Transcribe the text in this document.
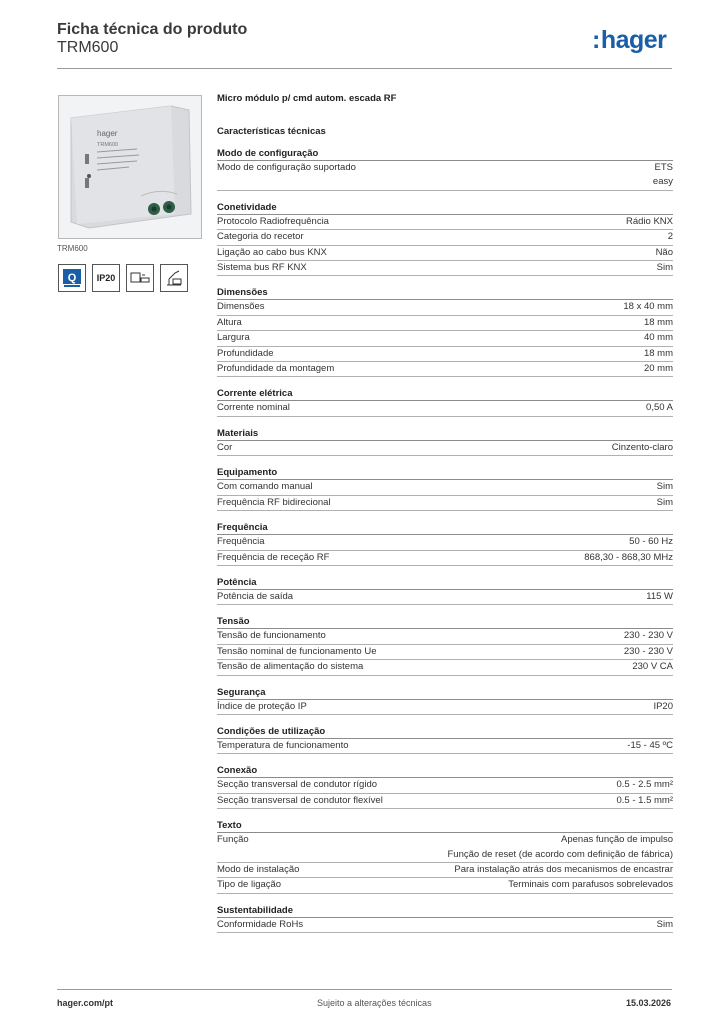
Ficha técnica do produto
TRM600	:hager
hager
TRM600
TRM600
Q	IP20
Micro módulo p/ cmd autom. escada RF
Características técnicas
Modo de configuração
Modo de configuração suportado	ETS
easy
Conetividade
Protocolo Radiofrequência	Rádio KNX
Categoria do recetor	2
Ligação ao cabo bus KNX	Não
Sistema bus RF KNX	Sim
Dimensões
Dimensões	18 x 40 mm
Altura	18 mm
Largura	40 mm
Profundidade	18 mm
Profundidade da montagem	20 mm
Corrente elétrica
Corrente nominal	0,50 A
Materiais
Cor	Cinzento-claro
Equipamento
Com comando manual	Sim
Frequência RF bidirecional	Sim
Frequência
Frequência	50 - 60 Hz
Frequência de receção RF	868,30 - 868,30 MHz
Potência
Potência de saída	115 W
Tensão
Tensão de funcionamento	230 - 230 V
Tensão nominal de funcionamento Ue	230 - 230 V
Tensão de alimentação do sistema	230 V CA
Segurança
Índice de proteção IP	IP20
Condições de utilização
Temperatura de funcionamento	-15 - 45 ºC
Conexão
Secção transversal de condutor rígido	0.5 - 2.5 mm²
Secção transversal de condutor flexível	0.5 - 1.5 mm²
Texto
Função	Apenas função de impulso
Função de reset (de acordo com definição de fábrica)
Modo de instalação	Para instalação atrás dos mecanismos de encastrar
Tipo de ligação	Terminais com parafusos sobrelevados
Sustentabilidade
Conformidade RoHs	Sim
hager.com/pt	Sujeito a alterações técnicas	15.03.2026
